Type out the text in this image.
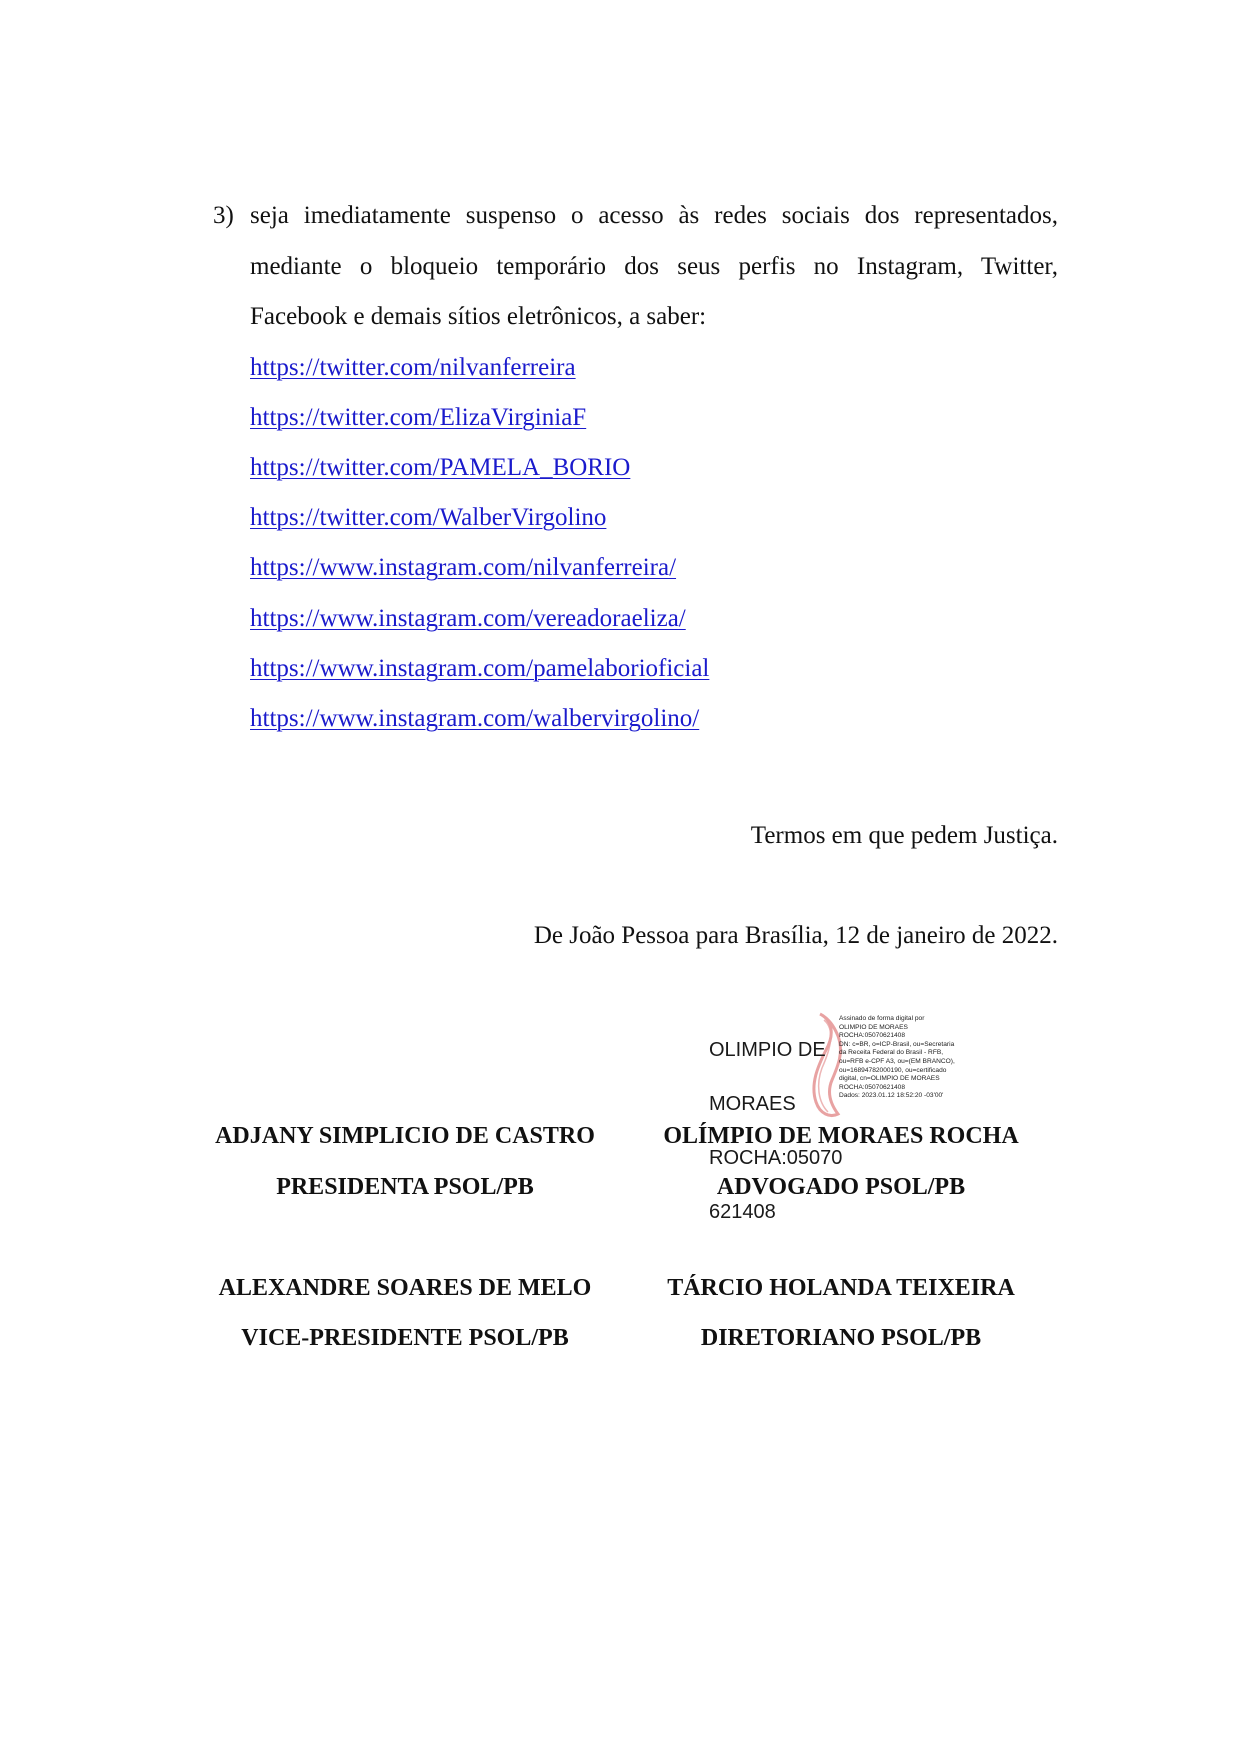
3) seja imediatamente suspenso o acesso às redes sociais dos representados,
mediante o bloqueio temporário dos seus perfis no Instagram, Twitter,
Facebook e demais sítios eletrônicos, a saber:
https://twitter.com/nilvanferreira
https://twitter.com/ElizaVirginiaF
https://twitter.com/PAMELA_BORIO
https://twitter.com/WalberVirgolino
https://www.instagram.com/nilvanferreira/
https://www.instagram.com/vereadoraeliza/
https://www.instagram.com/pamelaborioficial
https://www.instagram.com/walbervirgolino/
Termos em que pedem Justiça.
De João Pessoa para Brasília, 12 de janeiro de 2022.

OLIMPIO DE

MORAES

ROCHA:05070

621408

Assinado de forma digital por
OLIMPIO DE MORAES
ROCHA:05070621408
DN: c=BR, o=ICP-Brasil, ou=Secretaria
da Receita Federal do Brasil - RFB,
ou=RFB e-CPF A3, ou=(EM BRANCO),
ou=16894782000190, ou=certificado
digital, cn=OLIMPIO DE MORAES
ROCHA:05070621408
Dados: 2023.01.12 18:52:20 -03'00'
ADJANY SIMPLICIO DE CASTRO
PRESIDENTA PSOL/PB
OLÍMPIO DE MORAES ROCHA
ADVOGADO PSOL/PB
ALEXANDRE SOARES DE MELO
VICE-PRESIDENTE PSOL/PB
TÁRCIO HOLANDA TEIXEIRA
DIRETORIANO PSOL/PB
